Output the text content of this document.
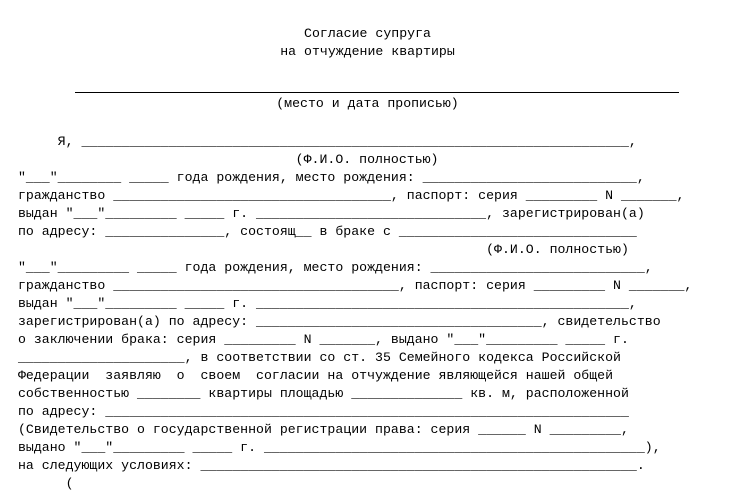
Согласие супруга
на отчуждение квартиры
(место и дата прописью)
Я, _____________________________________________________________________,
(Ф.И.О. полностью)
"___"________ _____ года рождения, место рождения: ___________________________,
гражданство ___________________________________, паспорт: серия _________ N _______,
выдан "___"_________ _____ г. _____________________________, зарегистрирован(а)
по адресу: _______________, состоящ__ в браке с ______________________________
(Ф.И.О. полностью)
"___"_________ _____ года рождения, место рождения: ___________________________,
гражданство ____________________________________, паспорт: серия _________ N _______,
выдан "___"_________ _____ г. _______________________________________________,
зарегистрирован(а) по адресу: ____________________________________, свидетельство
о заключении брака: серия _________ N _______, выдано "___"_________ _____ г.
_____________________, в соответствии со ст. 35 Семейного кодекса Российской
Федерации  заявляю  о  своем  согласии на отчуждение являющейся нашей общей
собственностью ________ квартиры площадью ______________ кв. м, расположенной
по адресу: __________________________________________________________________
(Свидетельство о государственной регистрации права: серия ______ N _________,
выдано "___"_________ _____ г. ________________________________________________),
на следующих условиях: _______________________________________________________.
(
